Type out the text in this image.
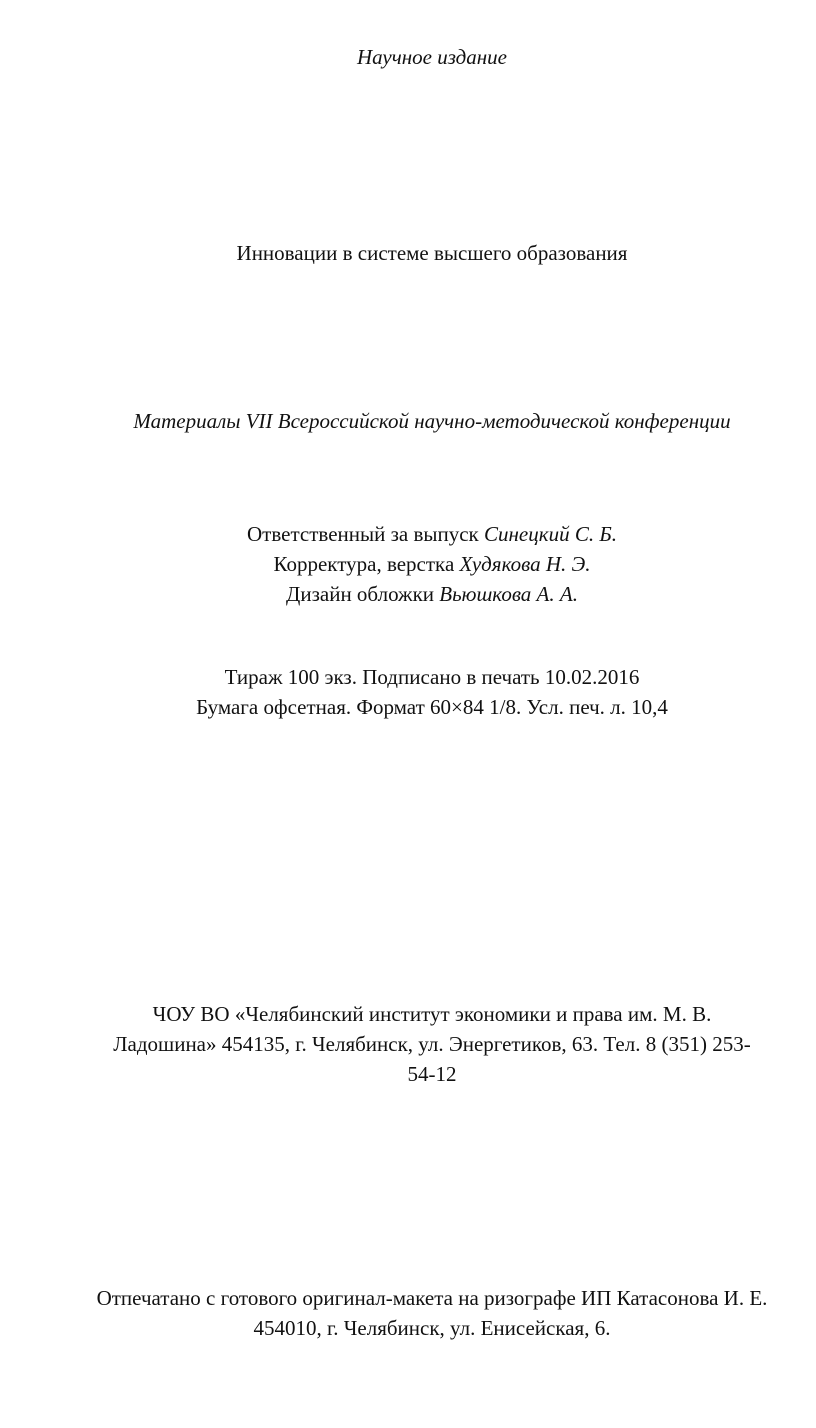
Научное издание
Инновации в системе высшего образования
Материалы VII Всероссийской научно-методической конференции
Ответственный за выпуск Синецкий С. Б.
Корректура, верстка Худякова Н. Э.
Дизайн обложки Вьюшкова А. А.
Тираж 100 экз. Подписано в печать 10.02.2016
Бумага офсетная. Формат 60×84 1/8. Усл. печ. л. 10,4
ЧОУ ВО «Челябинский институт экономики и права им. М. В.
Ладошина» 454135, г. Челябинск, ул. Энергетиков, 63. Тел. 8 (351) 253-
54-12
Отпечатано с готового оригинал-макета на ризографе ИП Катасонова И. Е.
454010, г. Челябинск, ул. Енисейская, 6.
